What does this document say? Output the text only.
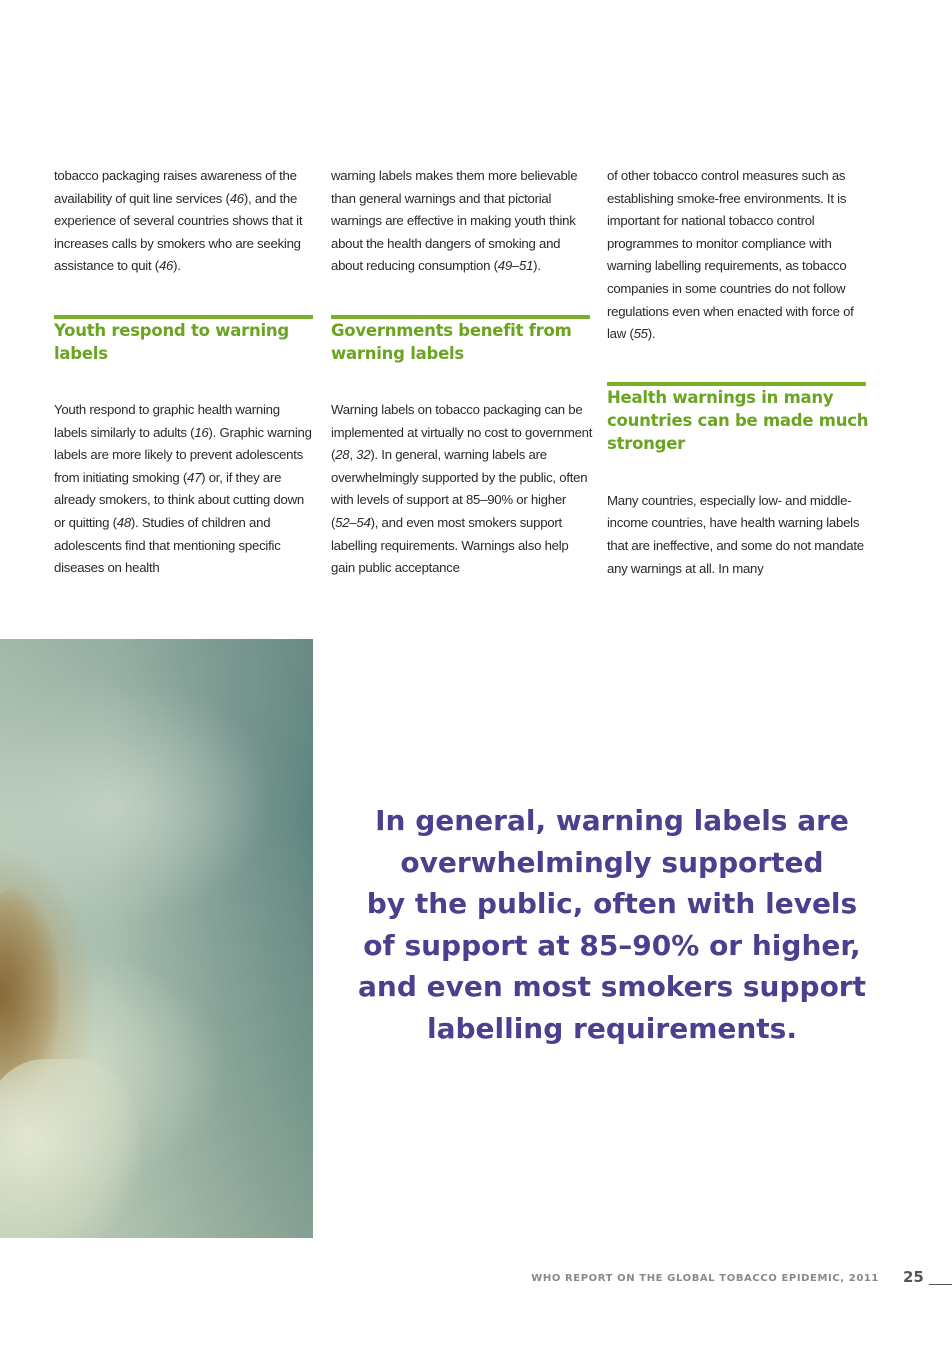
tobacco packaging raises awareness of the availability of quit line services (46), and the experience of several countries shows that it increases calls by smokers who are seeking assistance to quit (46).

Youth respond to warning labels

Youth respond to graphic health warning labels similarly to adults (16). Graphic warning labels are more likely to prevent adolescents from initiating smoking (47) or, if they are already smokers, to think about cutting down or quitting (48). Studies of children and adolescents find that mentioning specific diseases on health

warning labels makes them more believable than general warnings and that pictorial warnings are effective in making youth think about the health dangers of smoking and about reducing consumption (49–51).

Governments benefit from warning labels

Warning labels on tobacco packaging can be implemented at virtually no cost to government (28, 32). In general, warning labels are overwhelmingly supported by the public, often with levels of support at 85–90% or higher (52–54), and even most smokers support labelling requirements. Warnings also help gain public acceptance

of other tobacco control measures such as establishing smoke-free environments. It is important for national tobacco control programmes to monitor compliance with warning labelling requirements, as tobacco companies in some countries do not follow regulations even when enacted with force of law (55).

Health warnings in many countries can be made much stronger

Many countries, especially low- and middle-income countries, have health warning labels that are ineffective, and some do not mandate any warnings at all. In many

In general, warning labels are
overwhelmingly supported
by the public, often with levels
of support at 85–90% or higher,
and even most smokers support
labelling requirements.
WHO REPORT ON THE GLOBAL TOBACCO EPIDEMIC, 2011 25
